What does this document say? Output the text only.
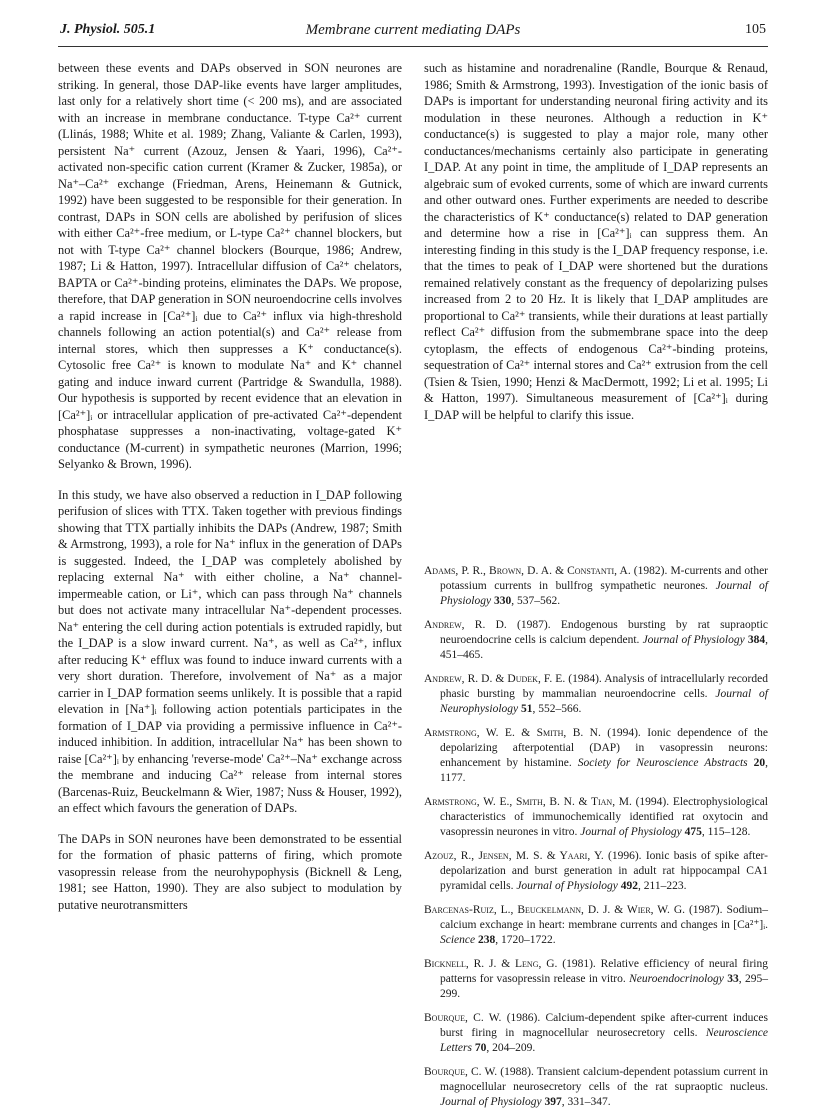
J. Physiol. 505.1	Membrane current mediating DAPs	105

between these events and DAPs observed in SON neurones are striking. In general, those DAP-like events have larger amplitudes, last only for a relatively short time (< 200 ms), and are associated with an increase in membrane conductance. T-type Ca²⁺ current (Llinás, 1988; White et al. 1989; Zhang, Valiante & Carlen, 1993), persistent Na⁺ current (Azouz, Jensen & Yaari, 1996), Ca²⁺-activated non-specific cation current (Kramer & Zucker, 1985a), or Na⁺–Ca²⁺ exchange (Friedman, Arens, Heinemann & Gutnick, 1992) have been suggested to be responsible for their generation. In contrast, DAPs in SON cells are abolished by perifusion of slices with either Ca²⁺-free medium, or L-type Ca²⁺ channel blockers, but not with T-type Ca²⁺ channel blockers (Bourque, 1986; Andrew, 1987; Li & Hatton, 1997). Intracellular diffusion of Ca²⁺ chelators, BAPTA or Ca²⁺-binding proteins, eliminates the DAPs. We propose, therefore, that DAP generation in SON neuroendocrine cells involves a rapid increase in [Ca²⁺]ᵢ due to Ca²⁺ influx via high-threshold channels following an action potential(s) and Ca²⁺ release from internal stores, which then suppresses a K⁺ conductance(s). Cytosolic free Ca²⁺ is known to modulate Na⁺ and K⁺ channel gating and induce inward current (Partridge & Swandulla, 1988). Our hypothesis is supported by recent evidence that an elevation in [Ca²⁺]ᵢ or intracellular application of pre-activated Ca²⁺-dependent phosphatase suppresses a non-inactivating, voltage-gated K⁺ conductance (M-current) in sympathetic neurones (Marrion, 1996; Selyanko & Brown, 1996).

In this study, we have also observed a reduction in I_DAP following perifusion of slices with TTX. Taken together with previous findings showing that TTX partially inhibits the DAPs (Andrew, 1987; Smith & Armstrong, 1993), a role for Na⁺ influx in the generation of DAPs is suggested. Indeed, the I_DAP was completely abolished by replacing external Na⁺ with either choline, a Na⁺ channel-impermeable cation, or Li⁺, which can pass through Na⁺ channels but does not activate many intracellular Na⁺-dependent processes. Na⁺ entering the cell during action potentials is extruded rapidly, but the I_DAP is a slow inward current. Na⁺, as well as Ca²⁺, influx after reducing K⁺ efflux was found to induce inward currents with a very short duration. Therefore, involvement of Na⁺ as a major carrier in I_DAP formation seems unlikely. It is possible that a rapid elevation in [Na⁺]ᵢ following action potentials participates in the formation of I_DAP via providing a permissive influence in Ca²⁺-induced inhibition. In addition, intracellular Na⁺ has been shown to raise [Ca²⁺]ᵢ by enhancing 'reverse-mode' Ca²⁺–Na⁺ exchange across the membrane and inducing Ca²⁺ release from internal stores (Barcenas-Ruiz, Beuckelmann & Wier, 1987; Nuss & Houser, 1992), an effect which favours the generation of DAPs.

The DAPs in SON neurones have been demonstrated to be essential for the formation of phasic patterns of firing, which promote vasopressin release from the neurohypophysis (Bicknell & Leng, 1981; see Hatton, 1990). They are also subject to modulation by putative neurotransmitters

such as histamine and noradrenaline (Randle, Bourque & Renaud, 1986; Smith & Armstrong, 1993). Investigation of the ionic basis of DAPs is important for understanding neuronal firing activity and its modulation in these neurones. Although a reduction in K⁺ conductance(s) is suggested to play a major role, many other conductances/mechanisms certainly also participate in generating I_DAP. At any point in time, the amplitude of I_DAP represents an algebraic sum of evoked currents, some of which are inward currents and other outward ones. Further experiments are needed to describe the characteristics of K⁺ conductance(s) related to DAP generation and determine how a rise in [Ca²⁺]ᵢ can suppress them. An interesting finding in this study is the I_DAP frequency response, i.e. that the times to peak of I_DAP were shortened but the durations remained relatively constant as the frequency of depolarizing pulses increased from 2 to 20 Hz. It is likely that I_DAP amplitudes are proportional to Ca²⁺ transients, while their durations at least partially reflect Ca²⁺ diffusion from the submembrane space into the deep cytoplasm, the effects of endogenous Ca²⁺-binding proteins, sequestration of Ca²⁺ internal stores and Ca²⁺ extrusion from the cell (Tsien & Tsien, 1990; Henzi & MacDermott, 1992; Li et al. 1995; Li & Hatton, 1997). Simultaneous measurement of [Ca²⁺]ᵢ during I_DAP will be helpful to clarify this issue.

Adams, P. R., Brown, D. A. & Constanti, A. (1982). M-currents and other potassium currents in bullfrog sympathetic neurones. Journal of Physiology 330, 537–562.
Andrew, R. D. (1987). Endogenous bursting by rat supraoptic neuroendocrine cells is calcium dependent. Journal of Physiology 384, 451–465.
Andrew, R. D. & Dudek, F. E. (1984). Analysis of intracellularly recorded phasic bursting by mammalian neuroendocrine cells. Journal of Neurophysiology 51, 552–566.
Armstrong, W. E. & Smith, B. N. (1994). Ionic dependence of the depolarizing afterpotential (DAP) in vasopressin neurons: enhancement by histamine. Society for Neuroscience Abstracts 20, 1177.
Armstrong, W. E., Smith, B. N. & Tian, M. (1994). Electrophysiological characteristics of immunochemically identified rat oxytocin and vasopressin neurones in vitro. Journal of Physiology 475, 115–128.
Azouz, R., Jensen, M. S. & Yaari, Y. (1996). Ionic basis of spike after-depolarization and burst generation in adult rat hippocampal CA1 pyramidal cells. Journal of Physiology 492, 211–223.
Barcenas-Ruiz, L., Beuckelmann, D. J. & Wier, W. G. (1987). Sodium–calcium exchange in heart: membrane currents and changes in [Ca²⁺]ᵢ. Science 238, 1720–1722.
Bicknell, R. J. & Leng, G. (1981). Relative efficiency of neural firing patterns for vasopressin release in vitro. Neuroendocrinology 33, 295–299.
Bourque, C. W. (1986). Calcium-dependent spike after-current induces burst firing in magnocellular neurosecretory cells. Neuroscience Letters 70, 204–209.
Bourque, C. W. (1988). Transient calcium-dependent potassium current in magnocellular neurosecretory cells of the rat supraoptic nucleus. Journal of Physiology 397, 331–347.
